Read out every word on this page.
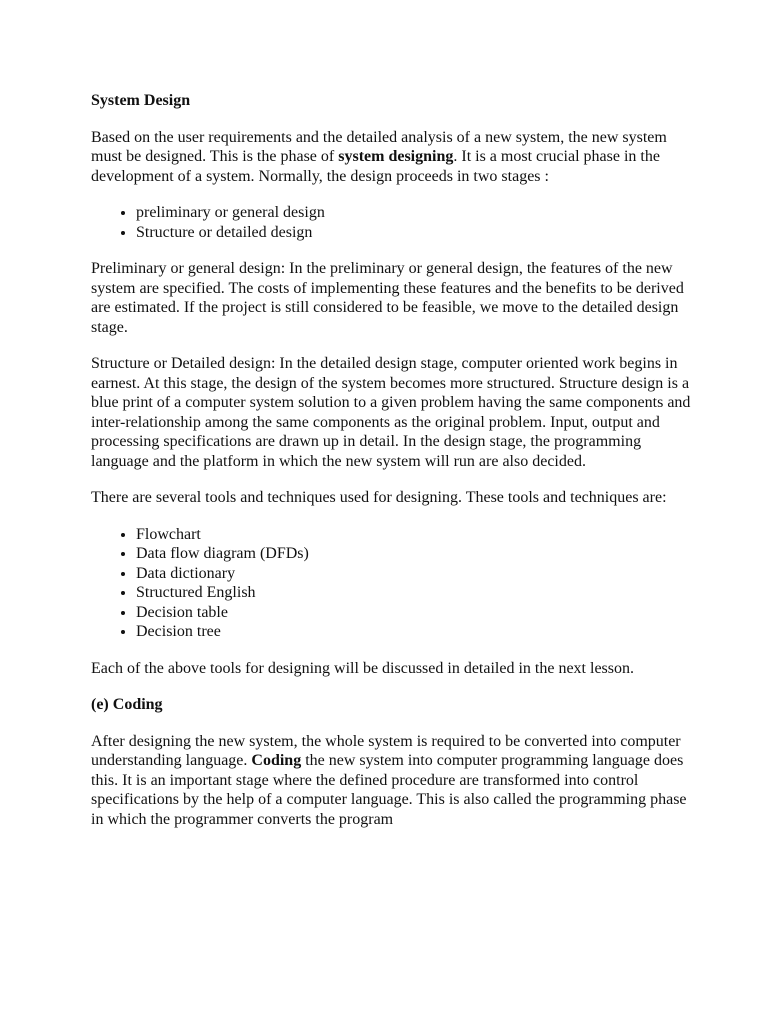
System Design

Based on the user requirements and the detailed analysis of a new system, the new system must be designed. This is the phase of system designing. It is a most crucial phase in the development of a system. Normally, the design proceeds in two stages :

• preliminary or general design
• Structure or detailed design

Preliminary or general design: In the preliminary or general design, the features of the new system are specified. The costs of implementing these features and the benefits to be derived are estimated. If the project is still considered to be feasible, we move to the detailed design stage.

Structure or Detailed design: In the detailed design stage, computer oriented work begins in earnest. At this stage, the design of the system becomes more structured. Structure design is a blue print of a computer system solution to a given problem having the same components and inter-relationship among the same components as the original problem. Input, output and processing specifications are drawn up in detail. In the design stage, the programming language and the platform in which the new system will run are also decided.

There are several tools and techniques used for designing. These tools and techniques are:

• Flowchart
• Data flow diagram (DFDs)
• Data dictionary
• Structured English
• Decision table
• Decision tree

Each of the above tools for designing will be discussed in detailed in the next lesson.

(e) Coding

After designing the new system, the whole system is required to be converted into computer understanding language. Coding the new system into computer programming language does this. It is an important stage where the defined procedure are transformed into control specifications by the help of a computer language. This is also called the programming phase in which the programmer converts the program
